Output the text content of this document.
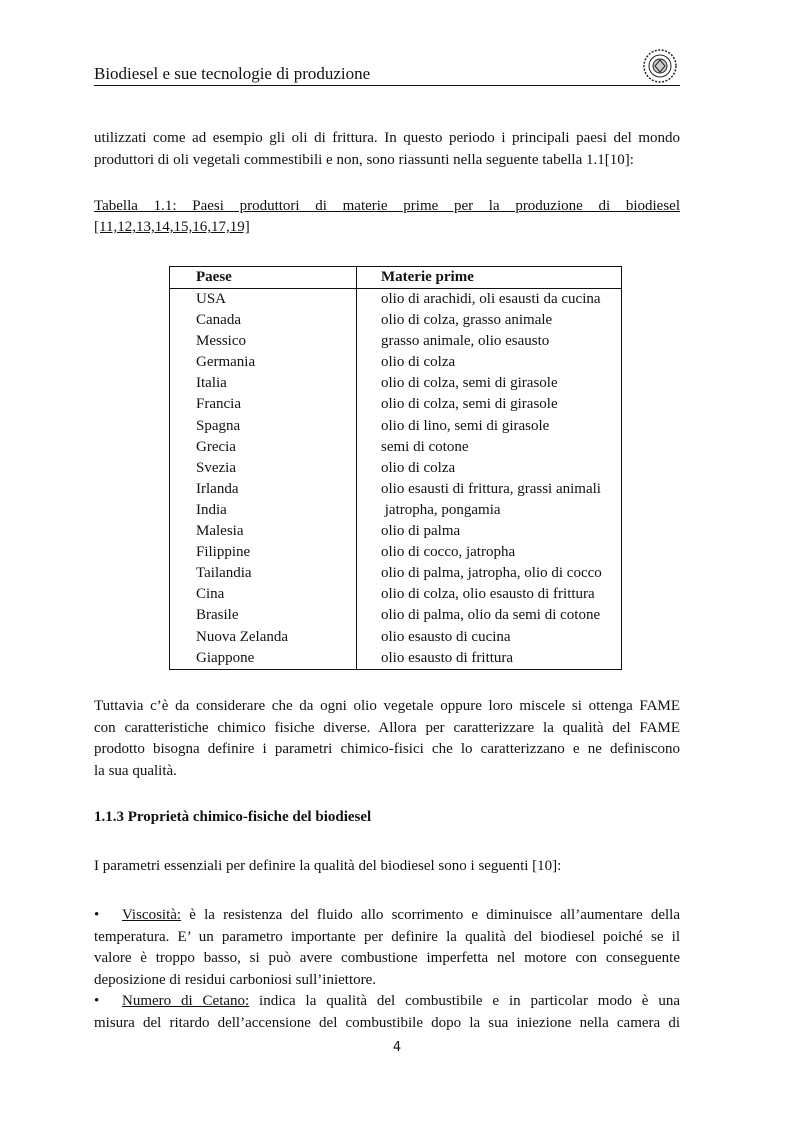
Biodiesel e sue tecnologie di produzione

utilizzati come ad esempio gli oli di frittura. In questo periodo i principali paesi del mondo
produttori di oli vegetali commestibili e non, sono riassunti nella seguente tabella 1.1[10]:

Tabella 1.1: Paesi produttori di materie prime per la produzione di biodiesel
[11,12,13,14,15,16,17,19]
Paese	Materie prime
USA	olio di arachidi, oli esausti da cucina
Canada	olio di colza, grasso animale
Messico	grasso animale, olio esausto
Germania	olio di colza
Italia	olio di colza, semi di girasole
Francia	olio di colza, semi di girasole
Spagna	olio di lino, semi di girasole
Grecia	semi di cotone
Svezia	olio di colza
Irlanda	olio esausti di frittura, grassi animali
India	jatropha, pongamia
Malesia	olio di palma
Filippine	olio di cocco, jatropha
Tailandia	olio di palma, jatropha, olio di cocco
Cina	olio di colza, olio esausto di frittura
Brasile	olio di palma, olio da semi di cotone
Nuova Zelanda	olio esausto di cucina
Giappone	olio esausto di frittura

Tuttavia c’è da considerare che da ogni olio vegetale oppure loro miscele si ottenga FAME
con caratteristiche chimico fisiche diverse. Allora per caratterizzare la qualità del FAME
prodotto bisogna definire i parametri chimico-fisici che lo caratterizzano e ne definiscono
la sua qualità.

1.1.3 Proprietà chimico-fisiche del biodiesel
I parametri essenziali per definire la qualità del biodiesel sono i seguenti [10]:
• Viscosità: è la resistenza del fluido allo scorrimento e diminuisce all’aumentare della
temperatura. E’ un parametro importante per definire la qualità del biodiesel poiché se il
valore è troppo basso, si può avere combustione imperfetta nel motore con conseguente
deposizione di residui carboniosi sull’iniettore.
• Numero di Cetano: indica la qualità del combustibile e in particolar modo è una
misura del ritardo dell’accensione del combustibile dopo la sua iniezione nella camera di
4
